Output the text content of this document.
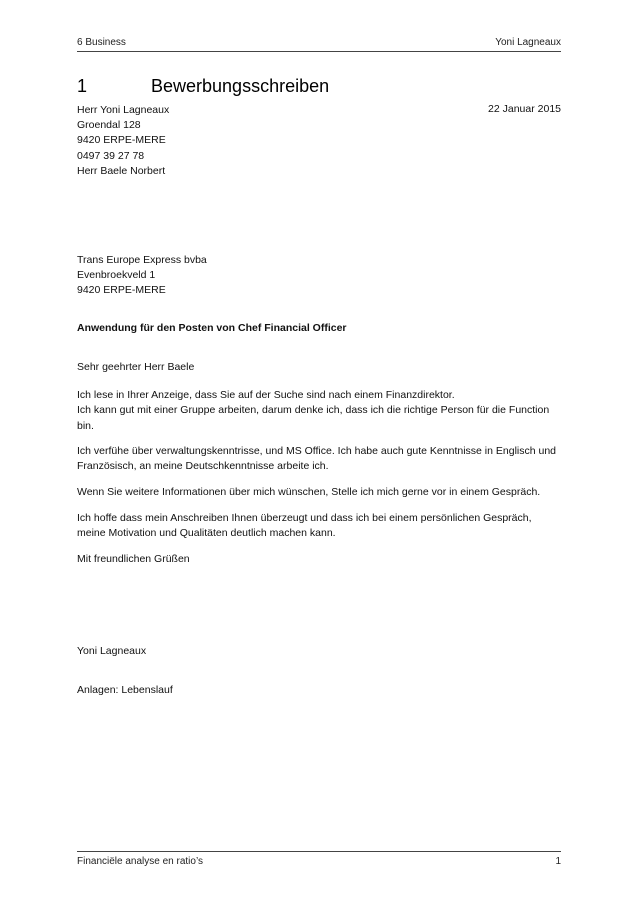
6 Business	Yoni Lagneaux
1	Bewerbungsschreiben
Herr Yoni Lagneaux
Groendal 128
9420 ERPE-MERE
0497 39 27 78
Herr Baele Norbert
22 Januar 2015
Trans Europe Express bvba
Evenbroekveld 1
9420 ERPE-MERE
Anwendung für den Posten von Chef Financial Officer

Sehr geehrter Herr Baele

Ich lese in Ihrer Anzeige, dass Sie auf der Suche sind nach einem Finanzdirektor.
Ich kann gut mit einer Gruppe arbeiten, darum denke ich, dass ich die richtige Person für die Function bin.

Ich verfühe über verwaltungskenntrisse, und MS Office. Ich habe auch gute Kenntnisse in Englisch und Französisch, an meine Deutschkenntnisse arbeite ich.

Wenn Sie weitere Informationen über mich wünschen, Stelle ich mich gerne vor in einem Gespräch.

Ich hoffe dass mein Anschreiben Ihnen überzeugt und dass ich bei einem persönlichen Gespräch, meine Motivation und Qualitäten deutlich machen kann.

Mit freundlichen Grüßen

Yoni Lagneaux

Anlagen: Lebenslauf

Financiële analyse en ratio’s	1
